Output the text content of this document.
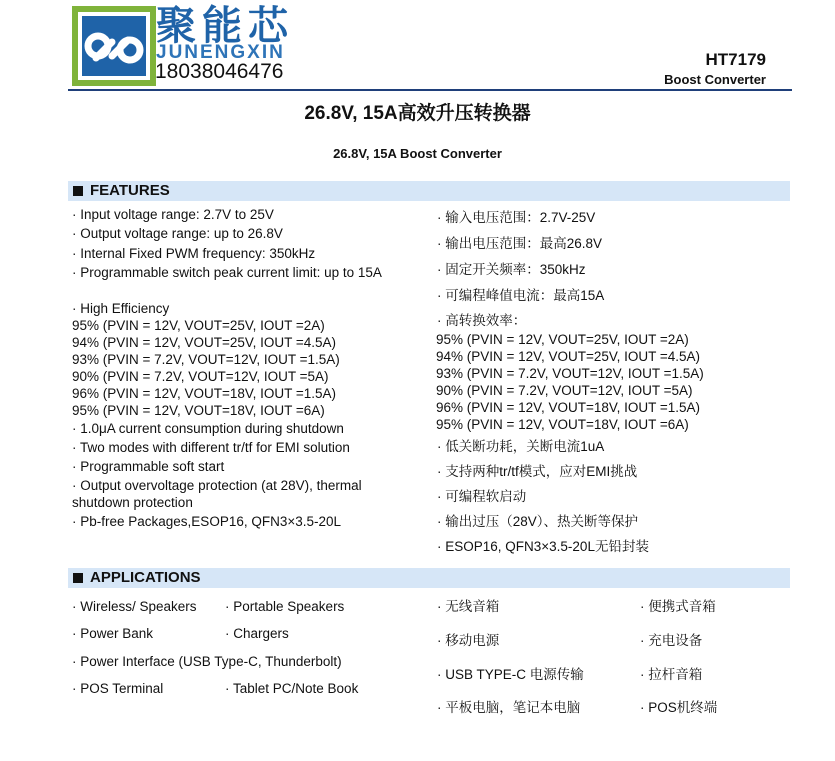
聚能芯
JUNENGXIN
18038046476
HT7179
Boost Converter
26.8V, 15A高效升压转换器
26.8V, 15A Boost Converter
FEATURES
· Input voltage range: 2.7V to 25V
· Output voltage range: up to 26.8V
· Internal Fixed PWM frequency: 350kHz
· Programmable switch peak current limit: up to 15A
· High Efficiency
95% (PVIN = 12V, VOUT=25V, IOUT =2A)
94% (PVIN = 12V, VOUT=25V, IOUT =4.5A)
93% (PVIN = 7.2V, VOUT=12V, IOUT =1.5A)
90% (PVIN = 7.2V, VOUT=12V, IOUT =5A)
96% (PVIN = 12V, VOUT=18V, IOUT =1.5A)
95% (PVIN = 12V, VOUT=18V, IOUT =6A)
· 1.0μA current consumption during shutdown
· Two modes with different tr/tf for EMI solution
· Programmable soft start
· Output overvoltage protection (at 28V), thermal shutdown protection
· Pb-free Packages,ESOP16, QFN3×3.5-20L
· 输入电压范围：2.7V-25V
· 输出电压范围：最高26.8V
· 固定开关频率：350kHz
· 可编程峰值电流：最高15A
· 高转换效率：
95% (PVIN = 12V, VOUT=25V, IOUT =2A)
94% (PVIN = 12V, VOUT=25V, IOUT =4.5A)
93% (PVIN = 7.2V, VOUT=12V, IOUT =1.5A)
90% (PVIN = 7.2V, VOUT=12V, IOUT =5A)
96% (PVIN = 12V, VOUT=18V, IOUT =1.5A)
95% (PVIN = 12V, VOUT=18V, IOUT =6A)
· 低关断功耗，关断电流1uA
· 支持两种tr/tf模式，应对EMI挑战
· 可编程软启动
· 输出过压（28V）、热关断等保护
· ESOP16, QFN3×3.5-20L无铅封装
APPLICATIONS
· Wireless/ Speakers · Portable Speakers
· Power Bank	· Chargers
· Power Interface (USB Type-C, Thunderbolt)
· POS Terminal	· Tablet PC/Note Book
· 无线音箱	· 便携式音箱
· 移动电源	· 充电设备
· USB TYPE-C 电源传输	· 拉杆音箱
· 平板电脑，笔记本电脑	· POS机终端
